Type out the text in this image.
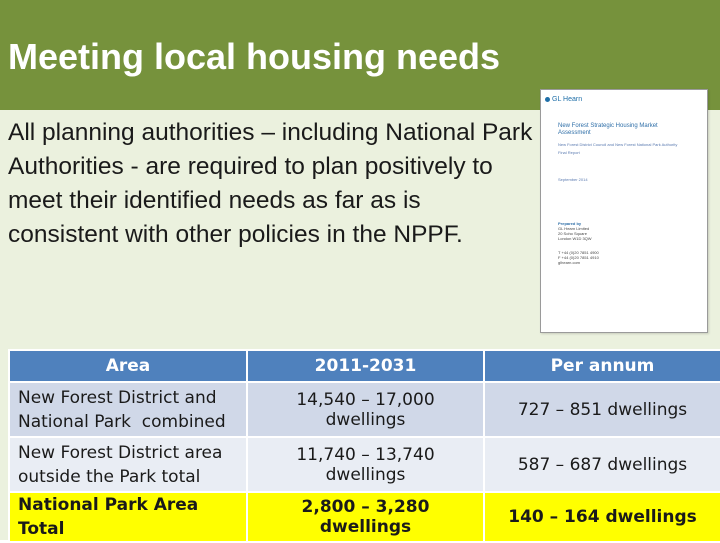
Meeting local housing needs
All planning authorities – including National Park Authorities - are required to plan positively to meet their identified needs as far as is consistent with other policies in the NPPF.
GL Hearn
New Forest Strategic Housing Market Assessment
New Forest District Council and New Forest National Park Authority
Final Report
September 2014
Prepared by
GL Hearn Limited
20 Soho Square
London W1D 3QW
T +44 (0)20 7851 4900
F +44 (0)20 7851 4910
glhearn.com
Area	2011-2031	Per annum

New Forest District and
National Park  combined	14,540 – 17,000 dwellings	727 – 851 dwellings

New Forest District area
outside the Park total	11,740 – 13,740 dwellings	587 – 687 dwellings
National Park Area Total	2,800 – 3,280 dwellings	140 – 164 dwellings
